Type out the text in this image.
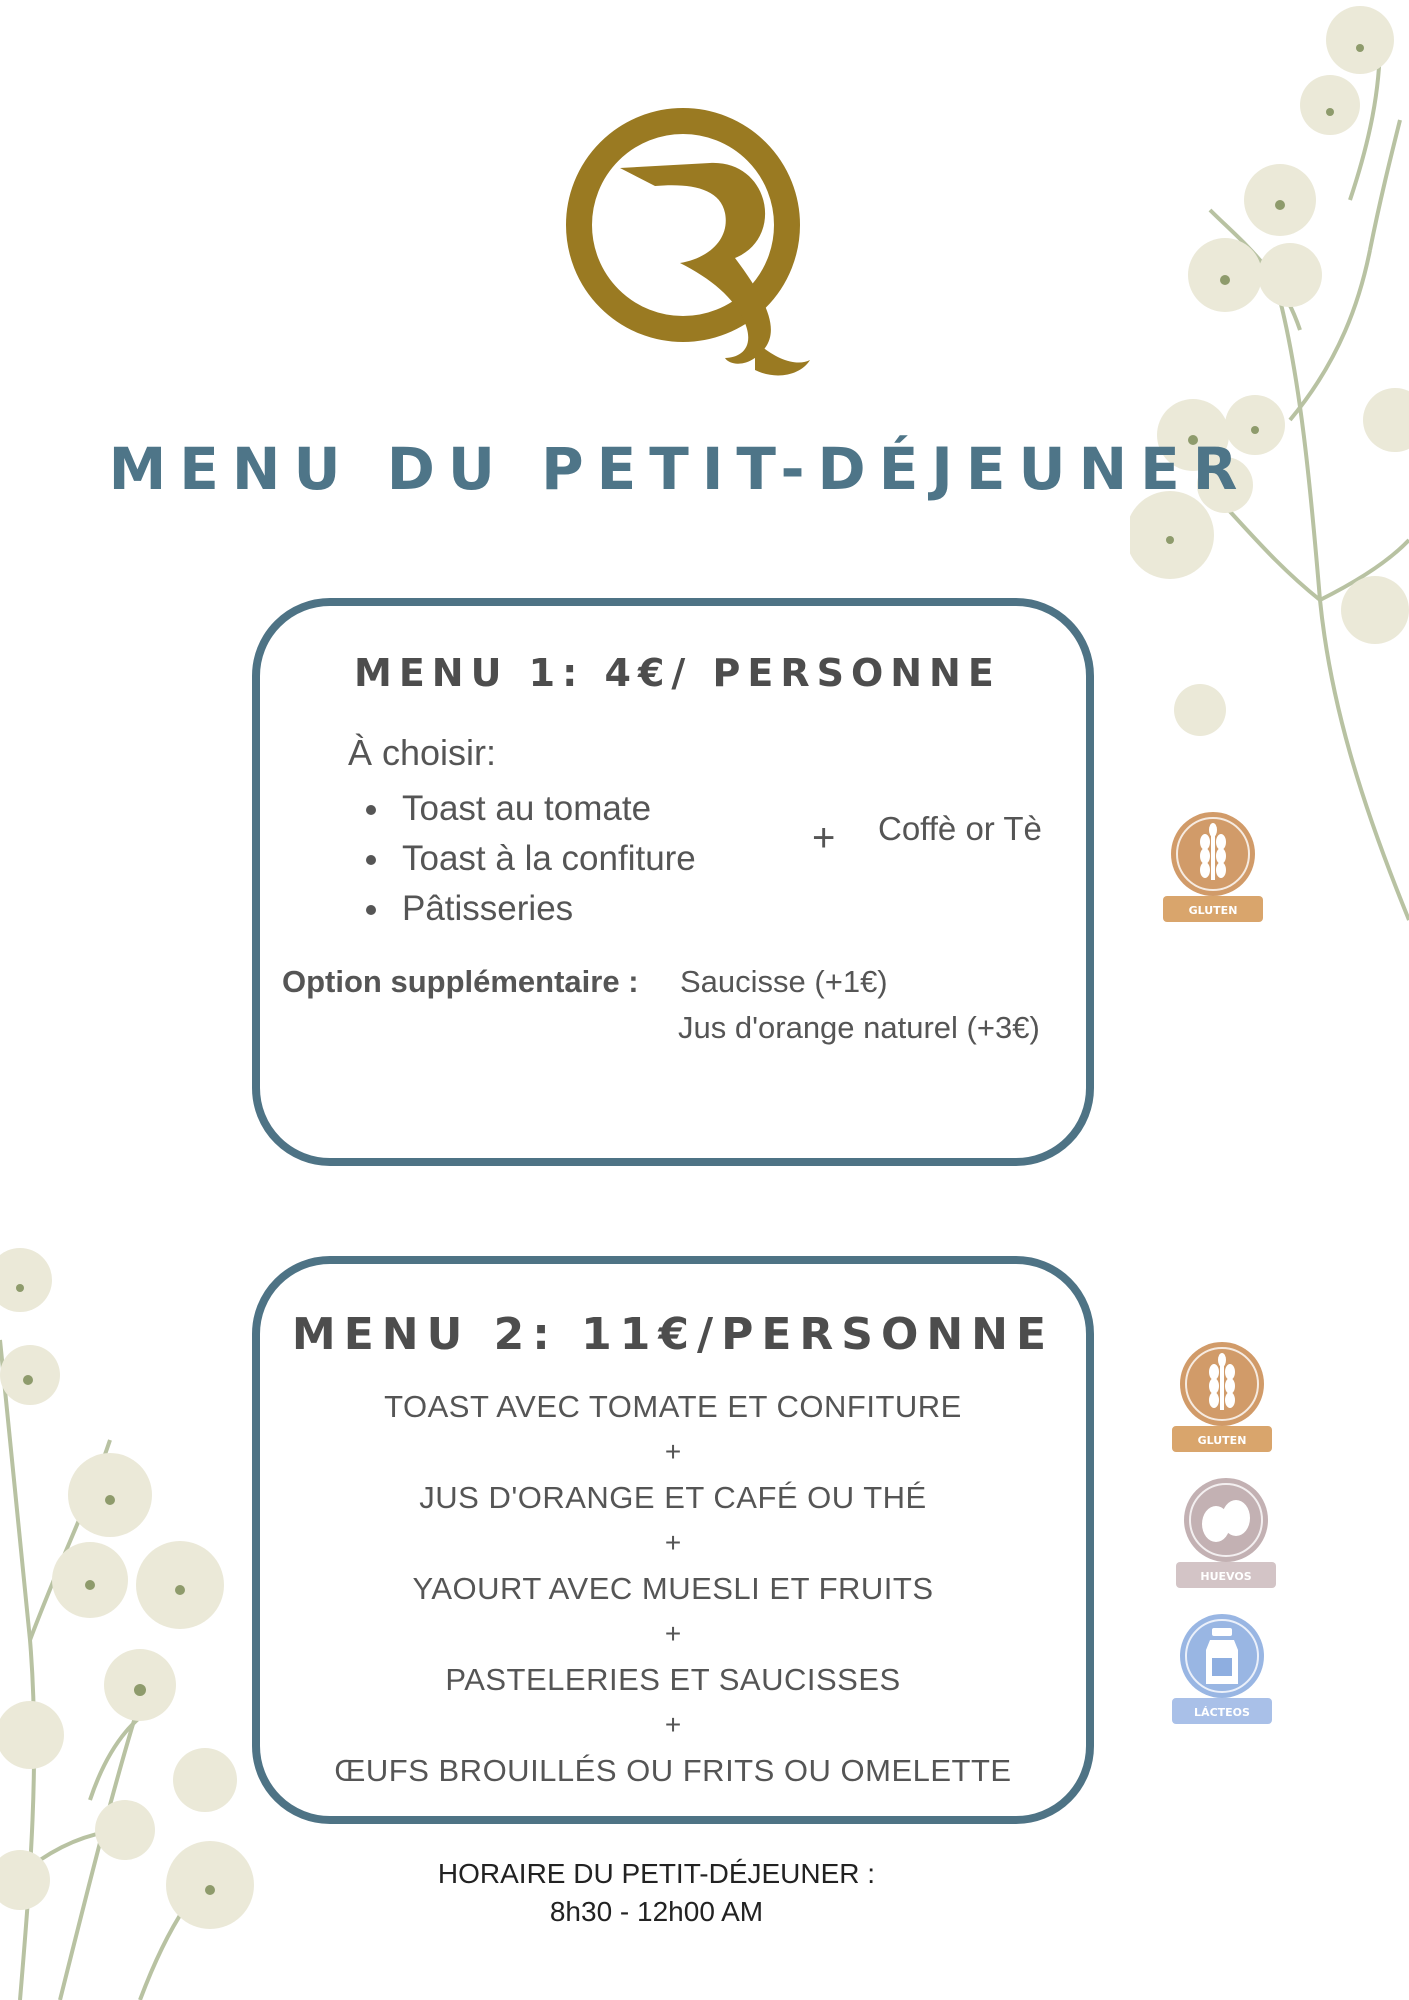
MENU DU PETIT-DÉJEUNER
MENU 1: 4€/ PERSONNE
À choisir:
Toast au tomate
Toast à la confiture
Pâtisseries
+ Coffè or Tè
Option supplémentaire : Saucisse (+1€)
Jus d'orange naturel (+3€)
GLUTEN
MENU 2: 11€/PERSONNE
TOAST AVEC TOMATE ET CONFITURE
+
JUS D'ORANGE ET CAFÉ OU THÉ
+
YAOURT AVEC MUESLI ET FRUITS
+
PASTELERIES ET SAUCISSES
+
ŒUFS BROUILLÉS OU FRITS OU OMELETTE
GLUTEN
HUEVOS
LÁCTEOS
HORAIRE DU PETIT-DÉJEUNER :
8h30 - 12h00 AM
